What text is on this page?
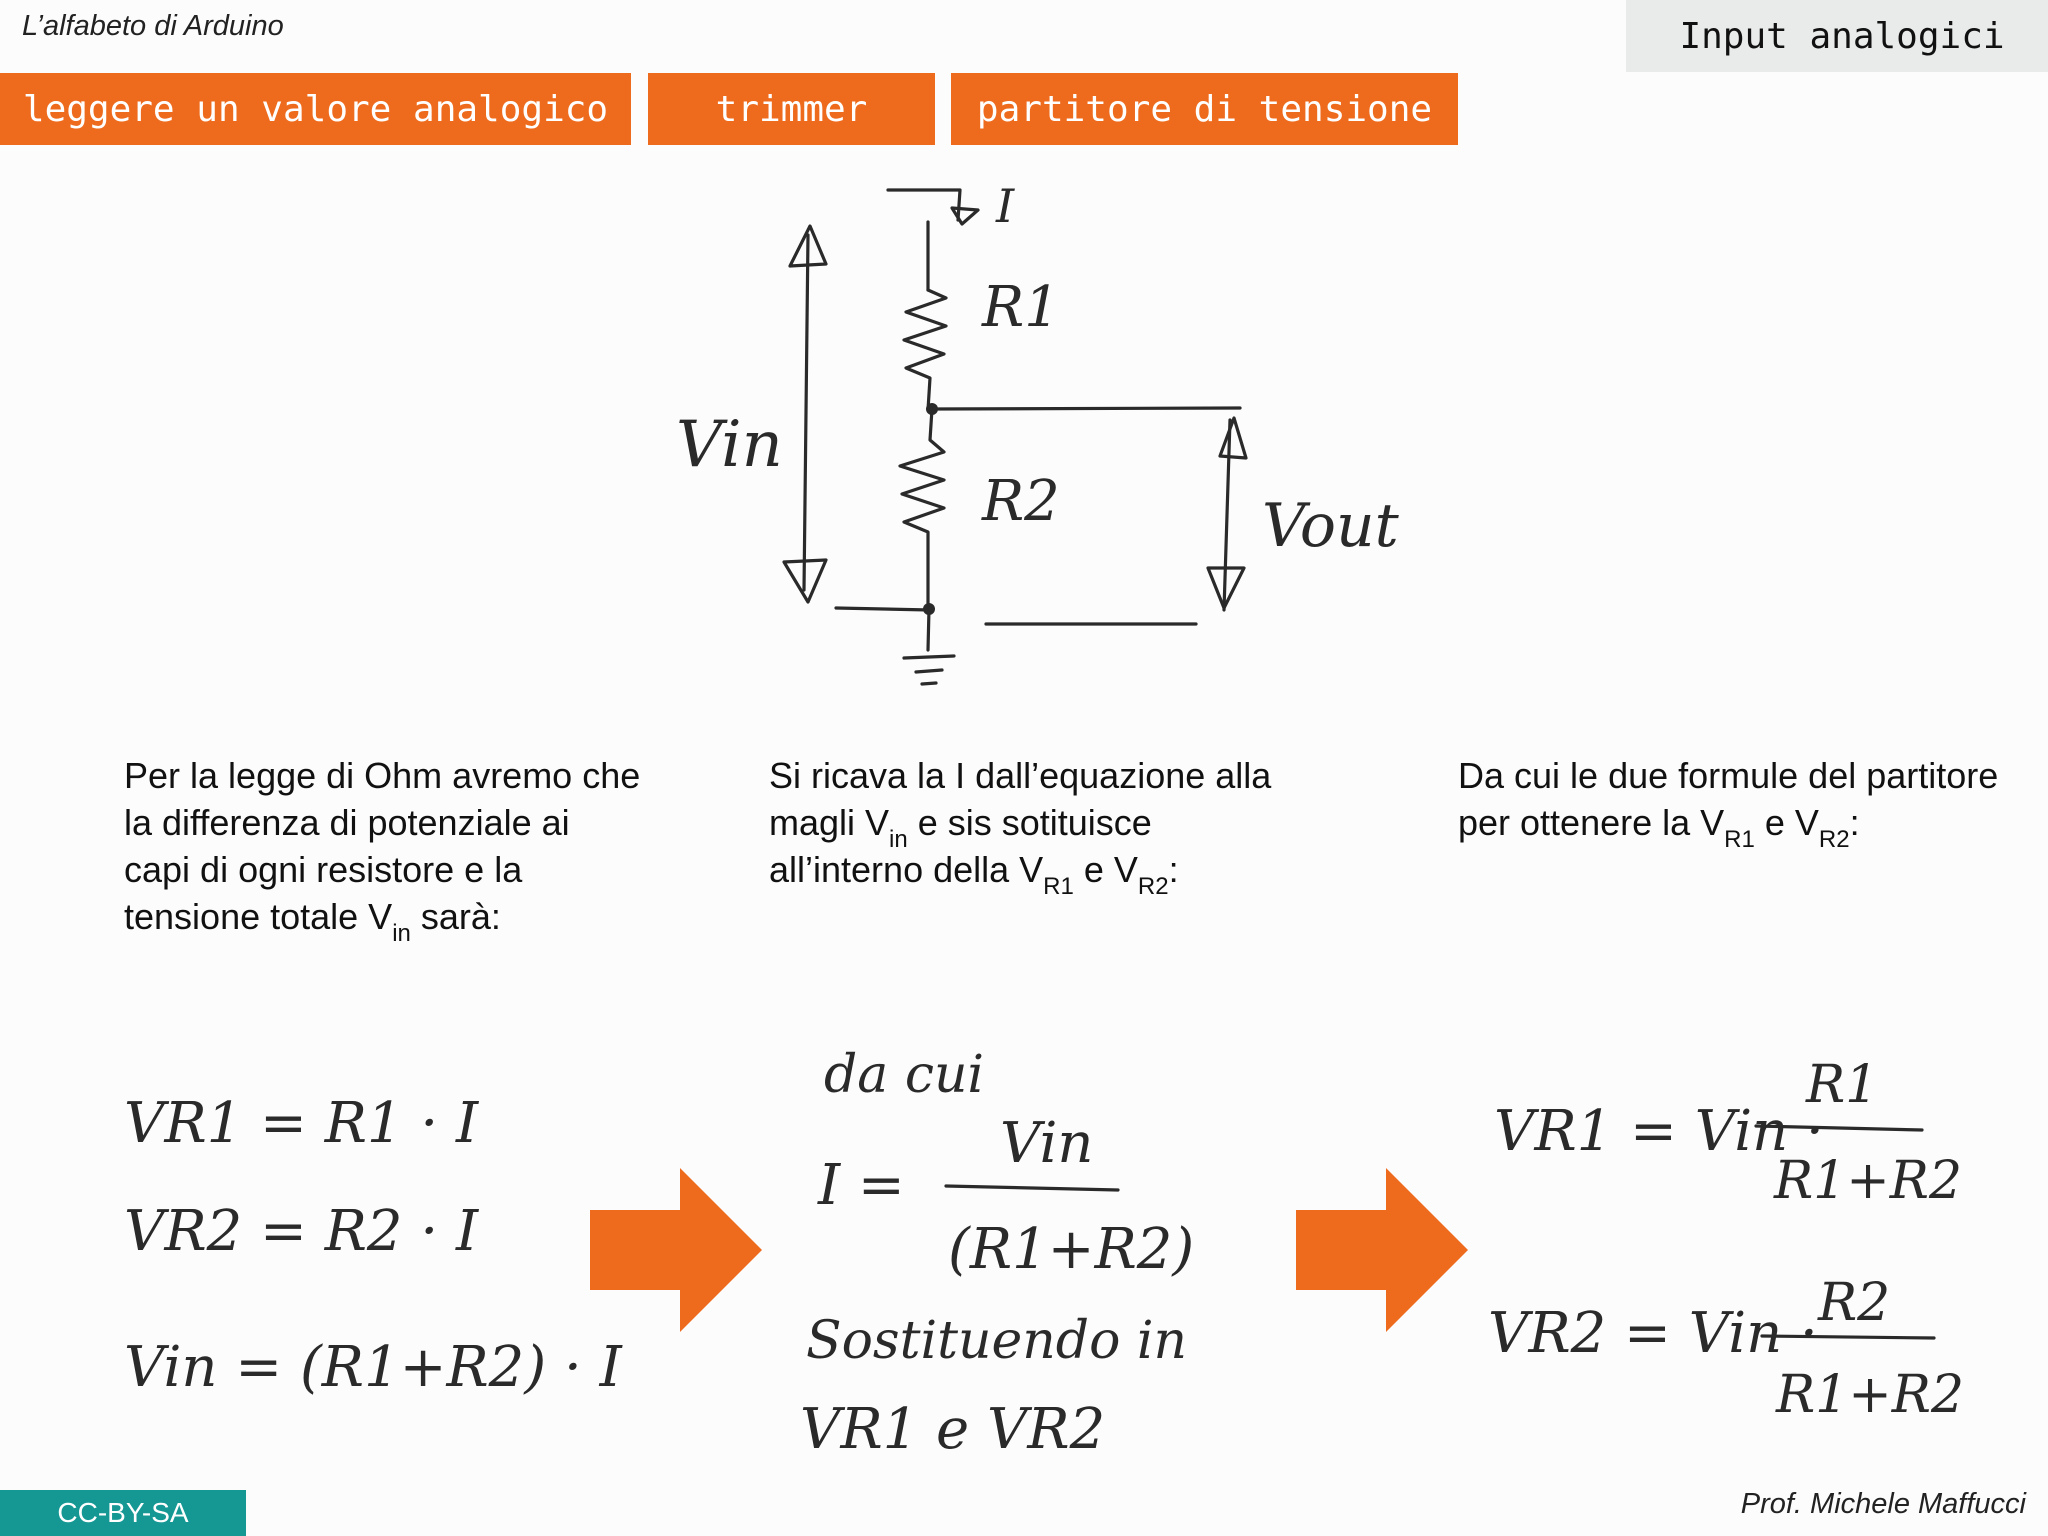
L’alfabeto di Arduino	Input analogici
leggere un valore analogico	trimmer	partitore di tensione
I
R1
R2
Vin
Vout
VR1 = R1 · I
VR2 = R2 · I
Vin = (R1+R2) · I
da cui
I =
Vin
(R1+R2)
Sostituendo in
VR1 e VR2
VR1 = Vin ·
R1
R1+R2
VR2 = Vin · R2
R1+R2
Per la legge di Ohm avremo che la differenza di potenziale ai capi di ogni resistore e la tensione totale $V_{in}$ sarà:
Si ricava la I dall’equazione alla magli $V_{in}$ e sis sotituisce all’interno della $V_{R1}$ e $V_{R2}$:
Da cui le due formule del partitore per ottenere la $V_{R1}$ e $V_{R2}$:
CC-BY-SA	Prof. Michele Maffucci
